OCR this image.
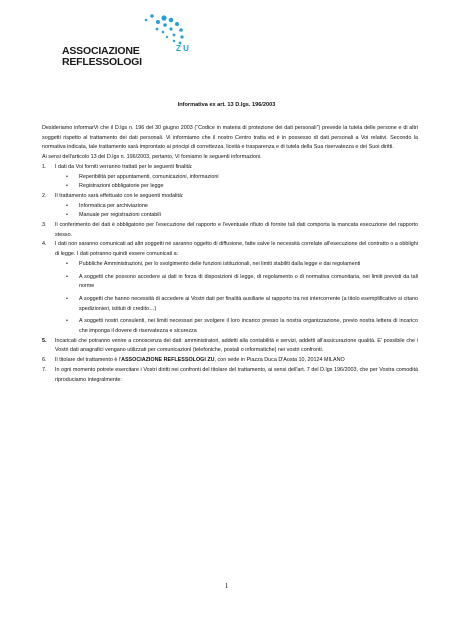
ASSOCIAZIONE
REFLESSOLOGI
Z U
Informativa ex art. 13 D.lgs. 196/2003

Desideriamo informarVi che il D.lgs n. 196 del 30 giugno 2003 (“Codice in materia di protezione dei dati personali”) prevede la tutela delle persone e di altri soggetti rispetto al trattamento dei dati personali. Vi informiamo che il nostro Centro tratta ed è in possesso di dati personali a Voi relativi. Secondo la normativa indicata, tale trattamento sarà improntato ai principi di correttezza, liceità e trasparenza e di tutela della Sua riservatezza e dei Suoi diritti.

Ai sensi dell'articolo 13 del D.lgs n. 196/2003, pertanto, Vi forniamo le seguenti informazioni.

1.	I dati da Voi forniti verranno trattati per le seguenti finalità:
•	Reperibilità per appuntamenti, comunicazioni, informazioni
•	Registrazioni obbligatorie per legge
2.	Il trattamento sarà effettuato con le seguenti modalità:
•	Informatica per archiviazione
•	Manuale per registrazioni contabili
3.	Il conferimento dei dati è obbligatorio per l'esecuzione del rapporto e l'eventuale rifiuto di fornire tali dati comporta la mancata esecuzione del rapporto stesso.
4.	I dati non saranno comunicati ad altri soggetti né saranno oggetto di diffusione, fatte salve le necessità correlate all'esecuzione del contratto o a obblighi di legge. I dati potranno quindi essere comunicati a:
•	Pubbliche Amministrazioni, per lo svolgimento delle funzioni istituzionali, nei limiti stabiliti dalla legge e dai regolamenti
•	A soggetti che possono accedere ai dati in forza di disposizioni di legge, di regolamento o di normativa comunitaria, nei limiti previsti da tali norme
•	A soggetti che hanno necessità di accedere ai Vostri dati per finalità ausiliarie al rapporto tra noi intercorrente (a titolo esemplificativo si citano spedizionieri, istituti di credito…)
•	A soggetti nostri consulenti, nei limiti necessari per svolgere il loro incarico presso la nostra organizzazione, previo nostra lettera di incarico che imponga il dovere di riservatezza e sicurezza
5.	Incaricati che potranno venire a conoscenza dei dati: amministratori, addetti alla contabilità e servizi, addetti all'assicurazione qualità. E' possibile che i Vostri dati anagrafici vengano utilizzati per comunicazioni (telefoniche, postali o informatiche) nei vostri confronti.
6.	Il titolare del trattamento è l'ASSOCIAZIONE REFLESSOLOGI ZU, con sede in Piazza Duca D'Aosta 10, 20124 MILANO
7.	In ogni momento potrete esercitare i Vostri diritti nei confronti del titolare del trattamento, ai sensi dell'art. 7 del D.lgs 196/2003, che per Vostra comodità riproduciamo integralmente:
1
